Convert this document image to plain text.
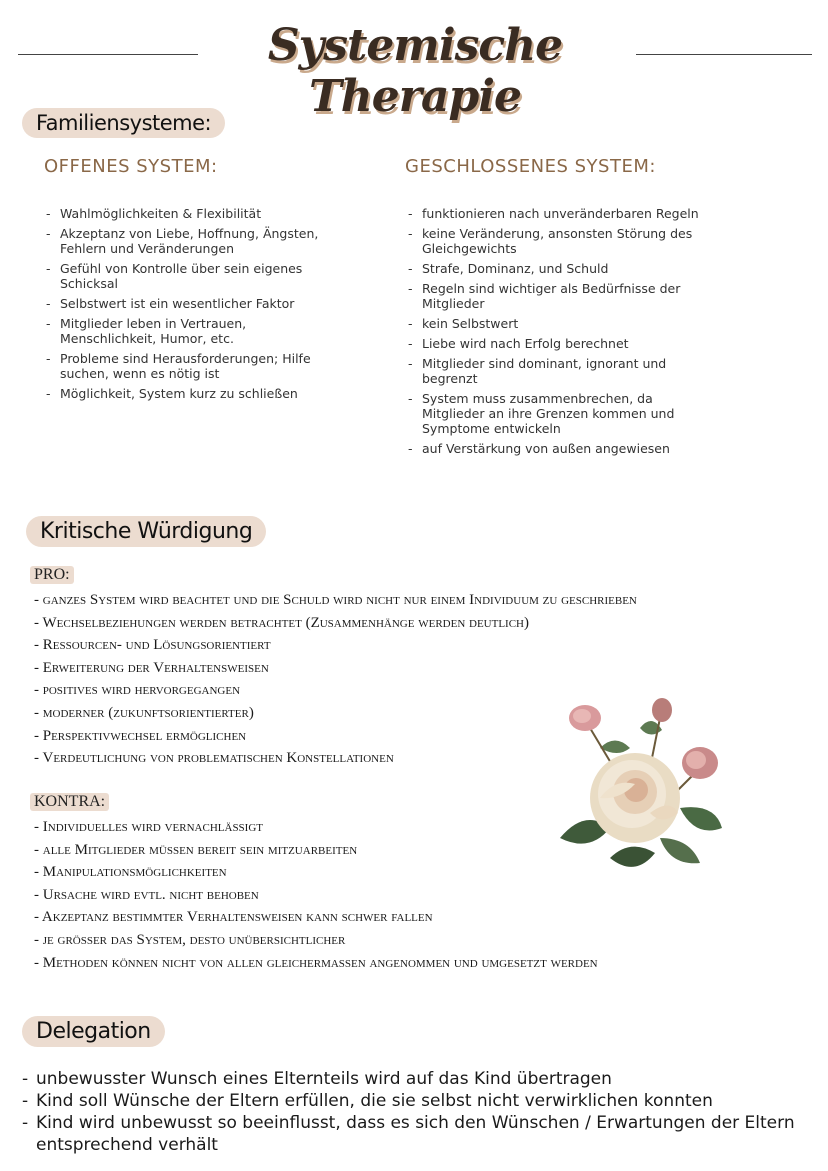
Systemische Therapie
Familiensysteme:
OFFENES SYSTEM:	GESCHLOSSENES SYSTEM:
- Wahlmöglichkeiten & Flexibilität
- Akzeptanz von Liebe, Hoffnung, Ängsten, Fehlern und Veränderungen
- Gefühl von Kontrolle über sein eigenes Schicksal
- Selbstwert ist ein wesentlicher Faktor
- Mitglieder leben in Vertrauen, Menschlichkeit, Humor, etc.
- Probleme sind Herausforderungen; Hilfe suchen, wenn es nötig ist
- Möglichkeit, System kurz zu schließen
- funktionieren nach unveränderbaren Regeln
- keine Veränderung, ansonsten Störung des Gleichgewichts
- Strafe, Dominanz, und Schuld
- Regeln sind wichtiger als Bedürfnisse der Mitglieder
- kein Selbstwert
- Liebe wird nach Erfolg berechnet
- Mitglieder sind dominant, ignorant und begrenzt
- System muss zusammenbrechen, da Mitglieder an ihre Grenzen kommen und Symptome entwickeln
- auf Verstärkung von außen angewiesen
Kritische Würdigung
PRO:
- ganzes System wird beachtet und die Schuld wird nicht nur einem Individuum zu geschrieben
- Wechselbeziehungen werden betrachtet (Zusammenhänge werden deutlich)
- Ressourcen- und Lösungsorientiert
- Erweiterung der Verhaltensweisen
- positives wird hervorgegangen
- moderner (zukunftsorientierter)
- Perspektivwechsel ermöglichen
- Verdeutlichung von problematischen Konstellationen
KONTRA:
- Individuelles wird vernachlässigt
- alle Mitglieder müssen bereit sein mitzuarbeiten
- Manipulationsmöglichkeiten
- Ursache wird evtl. nicht behoben
- Akzeptanz bestimmter Verhaltensweisen kann schwer fallen
- je grösser das System, desto unübersichtlicher
- Methoden können nicht von allen gleichermassen angenommen und umgesetzt werden
Delegation
- unbewusster Wunsch eines Elternteils wird auf das Kind übertragen
- Kind soll Wünsche der Eltern erfüllen, die sie selbst nicht verwirklichen konnten
- Kind wird unbewusst so beeinflusst, dass es sich den Wünschen / Erwartungen der Eltern entsprechend verhält
